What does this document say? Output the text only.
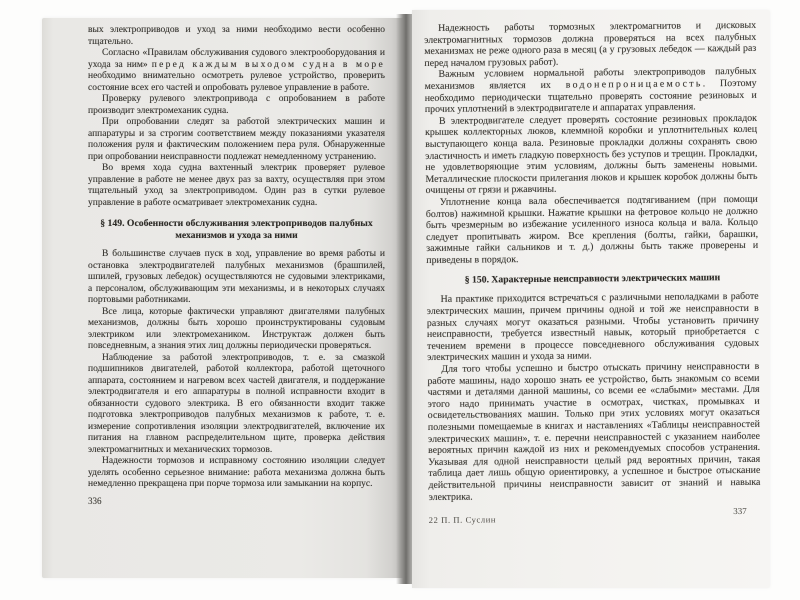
вых электроприводов и уход за ними необходимо вести особенно тщательно.

Согласно «Правилам обслуживания судового электрооборудования и ухода за ним» перед каждым выходом судна в море необходимо внимательно осмотреть рулевое устройство, проверить состояние всех его частей и опробовать рулевое управление в работе.

Проверку рулевого электропривода с опробованием в работе производит электромеханик судна.

При опробовании следят за работой электрических машин и аппаратуры и за строгим соответствием между показаниями указателя положения руля и фактическим положением пера руля. Обнаруженные при опробовании неисправности подлежат немедленному устранению.

Во время хода судна вахтенный электрик проверяет рулевое управление в работе не менее двух раз за вахту, осуществляя при этом тщательный уход за электроприводом. Один раз в сутки рулевое управление в работе осматривает электромеханик судна.

§ 149. Особенности обслуживания электроприводов палубных механизмов и ухода за ними

В большинстве случаев пуск в ход, управление во время работы и остановка электродвигателей палубных механизмов (брашпилей, шпилей, грузовых лебедок) осуществляются не судовыми электриками, а персоналом, обслуживающим эти механизмы, и в некоторых случаях портовыми работниками.

Все лица, которые фактически управляют двигателями палубных механизмов, должны быть хорошо проинструктированы судовым электриком или электромехаником. Инструктаж должен быть повседневным, а знания этих лиц должны периодически проверяться.

Наблюдение за работой электроприводов, т. е. за смазкой подшипников двигателей, работой коллектора, работой щеточного аппарата, состоянием и нагревом всех частей двигателя, и поддержание электродвигателя и его аппаратуры в полной исправности входит в обязанности судового электрика. В его обязанности входит также подготовка электроприводов палубных механизмов к работе, т. е. измерение сопротивления изоляции электродвигателей, включение их питания на главном распределительном щите, проверка действия электромагнитных и механических тормозов.

Надежности тормозов и исправному состоянию изоляции следует уделять особенно серьезное внимание: работа механизма должна быть немедленно прекращена при порче тормоза или замыкании на корпус.

336

Надежность работы тормозных электромагнитов и дисковых электромагнитных тормозов должна проверяться на всех палубных механизмах не реже одного раза в месяц (а у грузовых лебедок — каждый раз перед началом грузовых работ).

Важным условием нормальной работы электроприводов палубных механизмов является их водонепроницаемость. Поэтому необходимо периодически тщательно проверять состояние резиновых и прочих уплотнений в электродвигателе и аппаратах управления.

В электродвигателе следует проверять состояние резиновых прокладок крышек коллекторных люков, клеммной коробки и уплотнительных колец выступающего конца вала. Резиновые прокладки должны сохранять свою эластичность и иметь гладкую поверхность без уступов и трещин. Прокладки, не удовлетворяющие этим условиям, должны быть заменены новыми. Металлические плоскости прилегания люков и крышек коробок должны быть очищены от грязи и ржавчины.

Уплотнение конца вала обеспечивается подтягиванием (при помощи болтов) нажимной крышки. Нажатие крышки на фетровое кольцо не должно быть чрезмерным во избежание усиленного износа кольца и вала. Кольцо следует пропитывать жиром. Все крепления (болты, гайки, барашки, зажимные гайки сальников и т. д.) должны быть также проверены и приведены в порядок.

§ 150. Характерные неисправности электрических машин

На практике приходится встречаться с различными неполадками в работе электрических машин, причем причины одной и той же неисправности в разных случаях могут оказаться разными. Чтобы установить причину неисправности, требуется известный навык, который приобретается с течением времени в процессе повседневного обслуживания судовых электрических машин и ухода за ними.

Для того чтобы успешно и быстро отыскать причину неисправности в работе машины, надо хорошо знать ее устройство, быть знакомым со всеми частями и деталями данной машины, со всеми ее «слабыми» местами. Для этого надо принимать участие в осмотрах, чистках, промывках и освидетельствованиях машин. Только при этих условиях могут оказаться полезными помещаемые в книгах и наставлениях «Таблицы неисправностей электрических машин», т. е. перечни неисправностей с указанием наиболее вероятных причин каждой из них и рекомендуемых способов устранения. Указывая для одной неисправности целый ряд вероятных причин, такая таблица дает лишь общую ориентировку, а успешное и быстрое отыскание действительной причины неисправности зависит от знаний и навыка электрика.

22 П. П. Суслин
337
